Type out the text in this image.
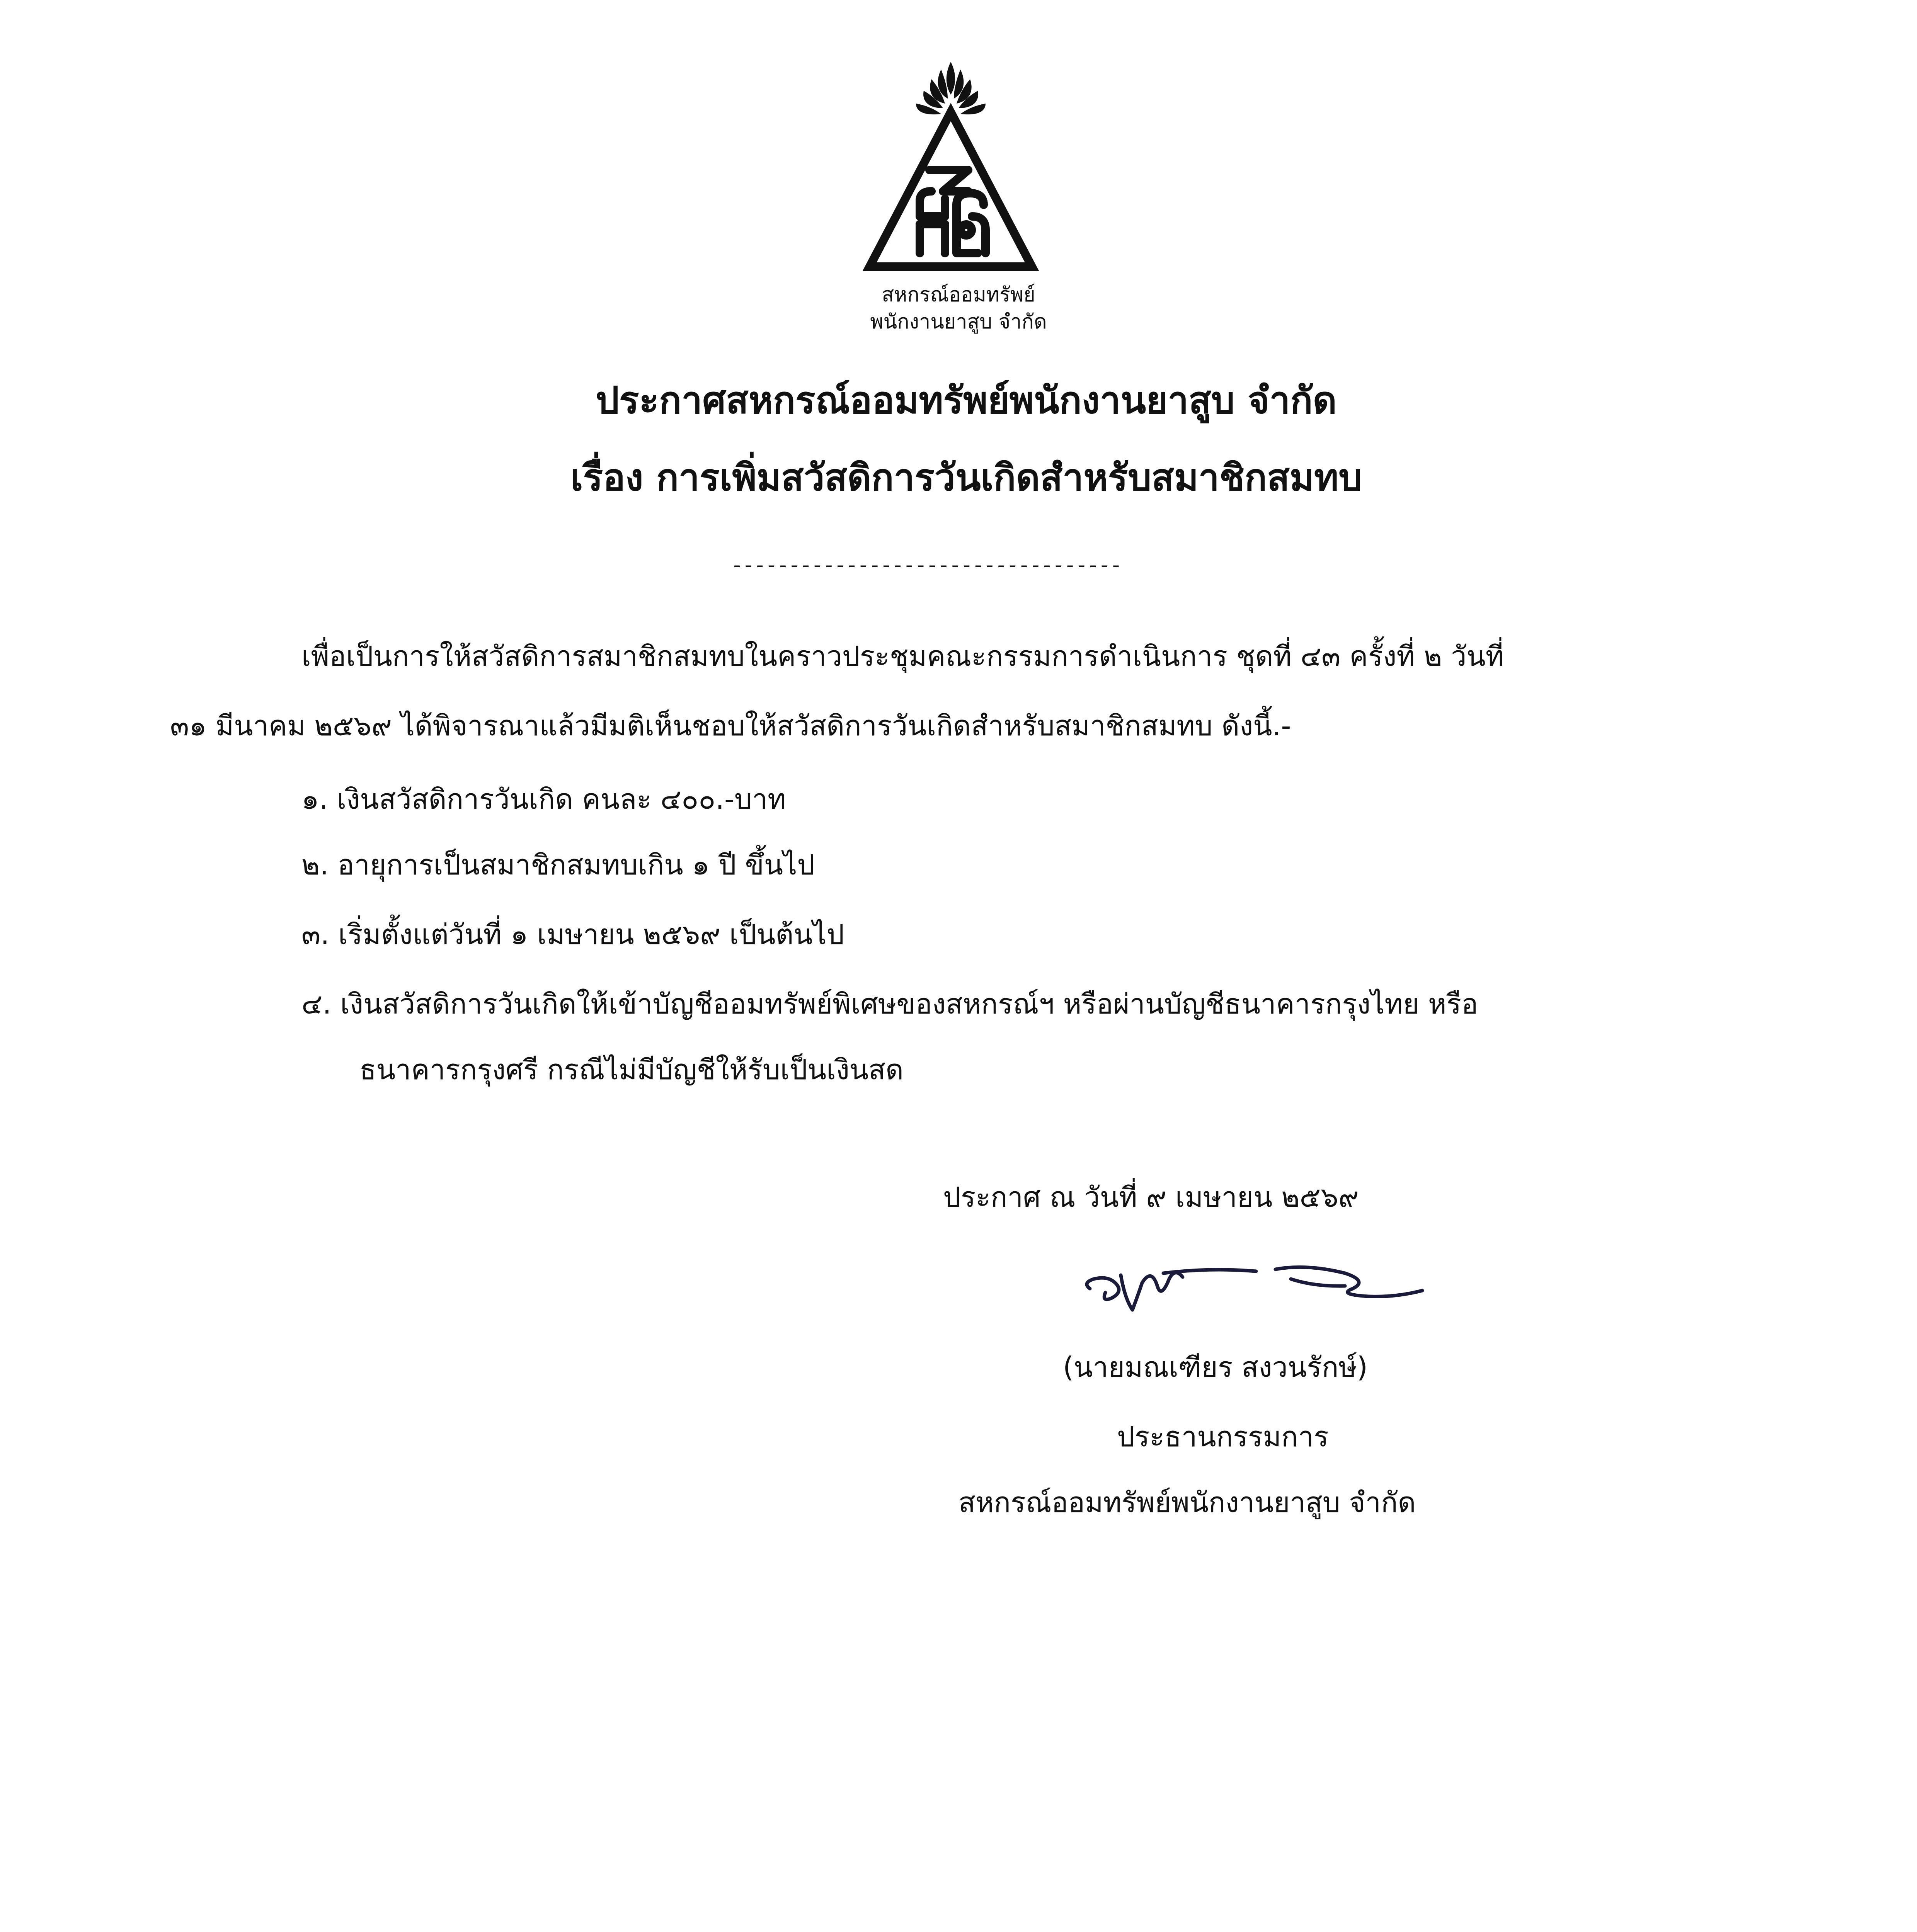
สหกรณ์ออมทรัพย์
พนักงานยาสูบ จำกัด
ประกาศสหกรณ์ออมทรัพย์พนักงานยาสูบ จำกัด
เรื่อง การเพิ่มสวัสดิการวันเกิดสำหรับสมาชิกสมทบ
----------------------------------
เพื่อเป็นการให้สวัสดิการสมาชิกสมทบในคราวประชุมคณะกรรมการดำเนินการ ชุดที่ ๔๓ ครั้งที่ ๒ วันที่
๓๑ มีนาคม ๒๕๖๙ ได้พิจารณาแล้วมีมติเห็นชอบให้สวัสดิการวันเกิดสำหรับสมาชิกสมทบ ดังนี้.-
๑. เงินสวัสดิการวันเกิด คนละ ๔๐๐.-บาท
๒. อายุการเป็นสมาชิกสมทบเกิน ๑ ปี ขึ้นไป
๓. เริ่มตั้งแต่วันที่ ๑ เมษายน ๒๕๖๙ เป็นต้นไป
๔. เงินสวัสดิการวันเกิดให้เข้าบัญชีออมทรัพย์พิเศษของสหกรณ์ฯ หรือผ่านบัญชีธนาคารกรุงไทย หรือ
ธนาคารกรุงศรี กรณีไม่มีบัญชีให้รับเป็นเงินสด
ประกาศ ณ วันที่ ๙ เมษายน ๒๕๖๙
(นายมณเฑียร สงวนรักษ์)
ประธานกรรมการ
สหกรณ์ออมทรัพย์พนักงานยาสูบ จำกัด
